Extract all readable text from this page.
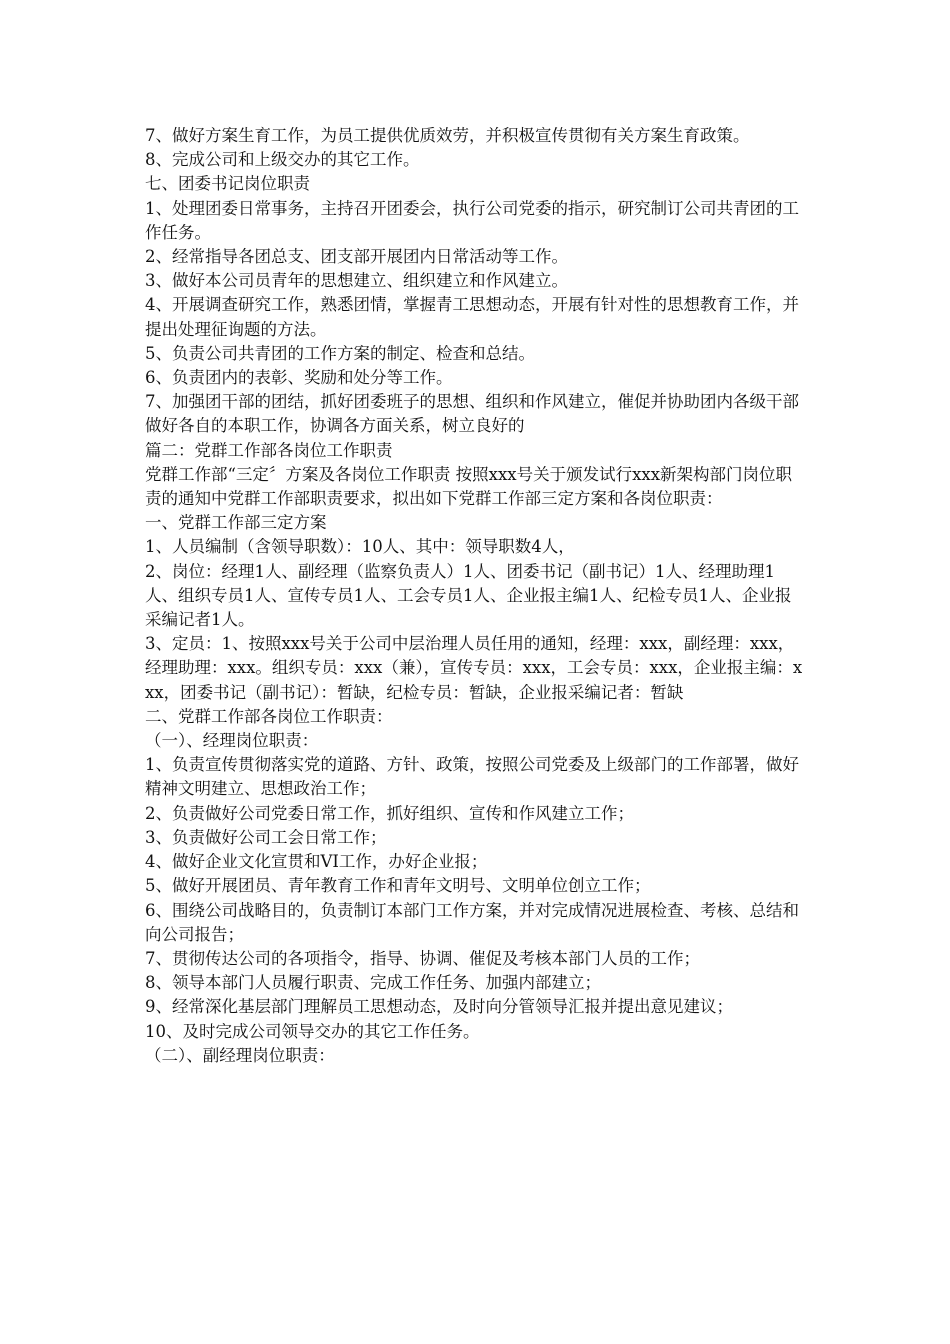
7、做好方案生育工作，为员工提供优质效劳，并积极宣传贯彻有关方案生育政策。

8、完成公司和上级交办的其它工作。

七、团委书记岗位职责

1、处理团委日常事务，主持召开团委会，执行公司党委的指示，研究制订公司共青团的工作任务。

2、经常指导各团总支、团支部开展团内日常活动等工作。

3、做好本公司员青年的思想建立、组织建立和作风建立。

4、开展调查研究工作，熟悉团情，掌握青工思想动态，开展有针对性的思想教育工作，并提出处理征询题的方法。

5、负责公司共青团的工作方案的制定、检查和总结。

6、负责团内的表彰、奖励和处分等工作。

7、加强团干部的团结，抓好团委班子的思想、组织和作风建立，催促并协助团内各级干部做好各自的本职工作，协调各方面关系，树立良好的

篇二：党群工作部各岗位工作职责

党群工作部“三定〞方案及各岗位工作职责 按照xxx号关于颁发试行xxx新架构部门岗位职责的通知中党群工作部职责要求，拟出如下党群工作部三定方案和各岗位职责：

一、党群工作部三定方案

1、人员编制（含领导职数）：10人、其中：领导职数4人，

2、岗位：经理1人、副经理（监察负责人）1人、团委书记（副书记）1人、经理助理1人、组织专员1人、宣传专员1人、工会专员1人、企业报主编1人、纪检专员1人、企业报采编记者1人。

3、定员：1、按照xxx号关于公司中层治理人员任用的通知，经理：xxx，副经理：xxx，经理助理：xxx。组织专员：xxx（兼），宣传专员：xxx，工会专员：xxx，企业报主编：xxx，团委书记（副书记）：暂缺，纪检专员：暂缺，企业报采编记者：暂缺

二、党群工作部各岗位工作职责：

（一）、经理岗位职责：

1、负责宣传贯彻落实党的道路、方针、政策，按照公司党委及上级部门的工作部署，做好精神文明建立、思想政治工作；

2、负责做好公司党委日常工作，抓好组织、宣传和作风建立工作；

3、负责做好公司工会日常工作；

4、做好企业文化宣贯和VI工作，办好企业报；

5、做好开展团员、青年教育工作和青年文明号、文明单位创立工作；

6、围绕公司战略目的，负责制订本部门工作方案，并对完成情况进展检查、考核、总结和向公司报告；

7、贯彻传达公司的各项指令，指导、协调、催促及考核本部门人员的工作；

8、领导本部门人员履行职责、完成工作任务、加强内部建立；

9、经常深化基层部门理解员工思想动态，及时向分管领导汇报并提出意见建议；

10、及时完成公司领导交办的其它工作任务。

（二）、副经理岗位职责：
